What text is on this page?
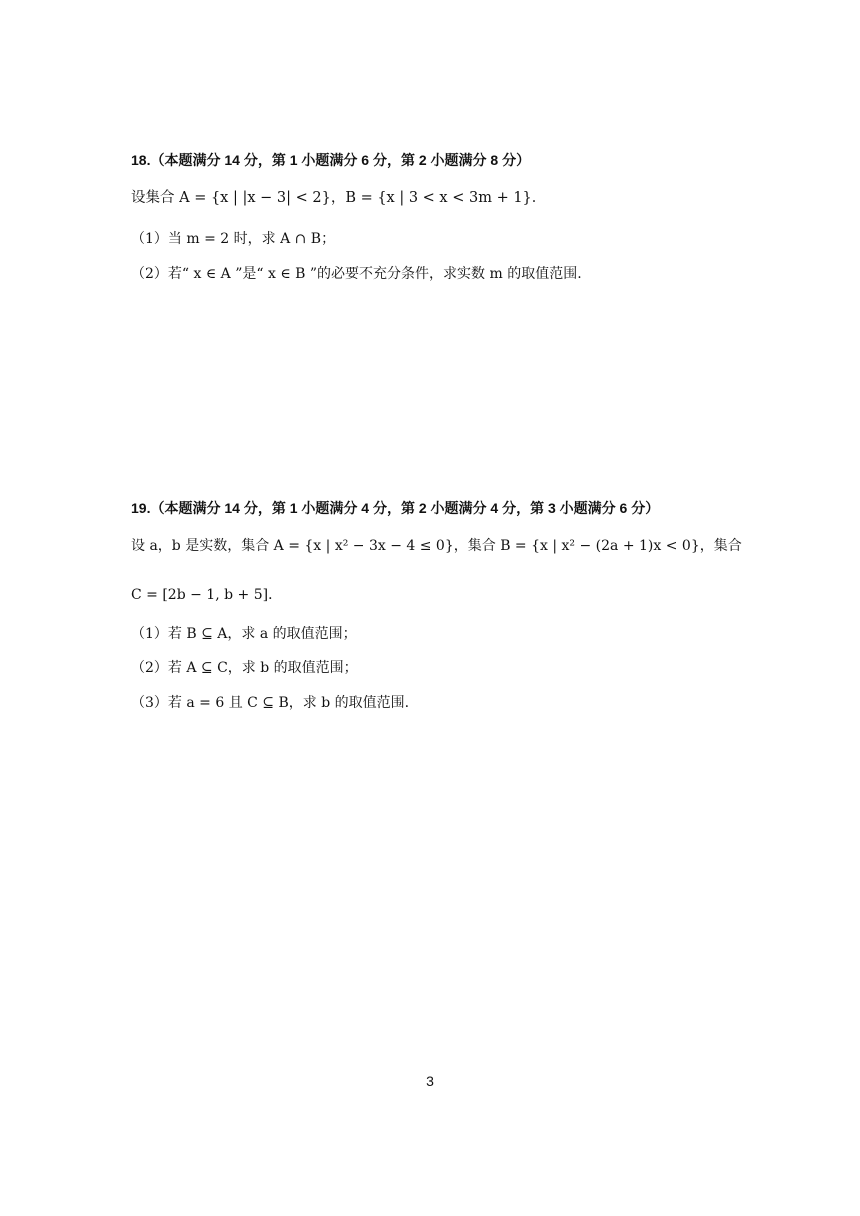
18.（本题满分 14 分，第 1 小题满分 6 分，第 2 小题满分 8 分）
设集合 A = {x | |x − 3| < 2}，B = {x | 3 < x < 3m + 1}．
（1）当 m = 2 时，求 A ∩ B；
（2）若“ x ∈ A ”是“ x ∈ B ”的必要不充分条件，求实数 m 的取值范围.
19.（本题满分 14 分，第 1 小题满分 4 分，第 2 小题满分 4 分，第 3 小题满分 6 分）
设 a，b 是实数，集合 A = {x | x² − 3x − 4 ≤ 0}，集合 B = {x | x² − (2a + 1)x < 0}，集合
C = [2b − 1, b + 5]．
（1）若 B ⊆ A，求 a 的取值范围；
（2）若 A ⊆ C，求 b 的取值范围；
（3）若 a = 6 且 C ⊆ B，求 b 的取值范围.
3
